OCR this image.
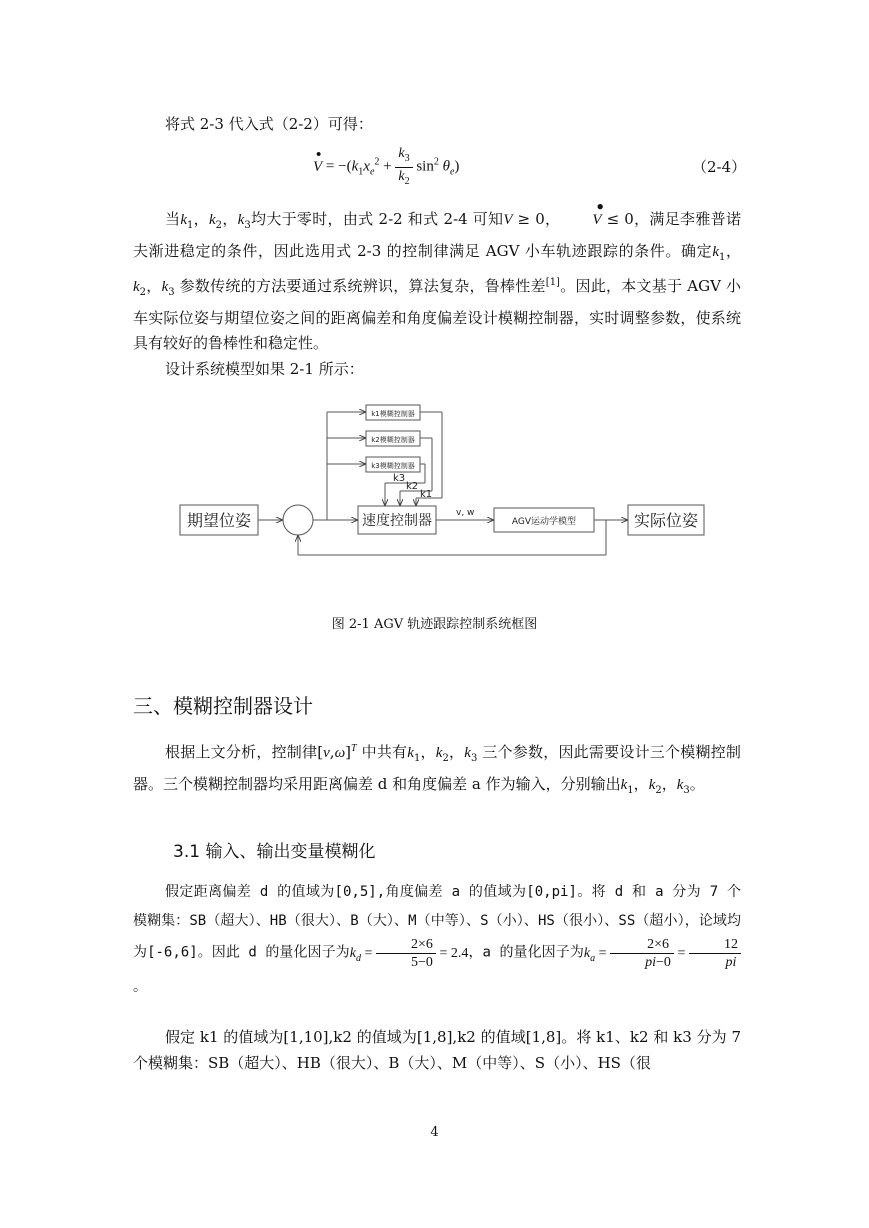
将式 2-3 代入式（2-2）可得：
•
$V = -(k_1x_e^2 + \frac{k_3}{k_2} \sin^2 \theta_e)$	（2-4）
当$k_1$，$k_2$，$k_3$均大于零时，由式 2-2 和式 2-4 可知V ≥ 0，
•
V ≤ 0，满足李雅普诺夫渐进稳定的条件，因此选用式 2-3 的控制律满足 AGV 小车轨迹跟踪的条件。确定$k_1$，$k_2$，$k_3$ 参数传统的方法要通过系统辨识，算法复杂，鲁棒性差[1]。因此，本文基于 AGV 小车实际位姿与期望位姿之间的距离偏差和角度偏差设计模糊控制器，实时调整参数，使系统具有较好的鲁棒性和稳定性。
设计系统模型如果 2-1 所示：
期望位姿	速度控制器	AGV运动学模型	实际位姿
k1模糊控制器
k2模糊控制器
k3模糊控制器
k3
k2
k1
v, w
图 2-1 AGV 轨迹跟踪控制系统框图
三、模糊控制器设计
根据上文分析，控制律$[v,\omega]^T$ 中共有$k_1$，$k_2$，$k_3$ 三个参数，因此需要设计三个模糊控制器。三个模糊控制器均采用距离偏差 d 和角度偏差 a 作为输入，分别输出$k_1$，$k_2$，$k_3$。
3.1 输入、输出变量模糊化
假定距离偏差 d 的值域为[0,5],角度偏差 a 的值域为[0,pi]。将 d 和 a 分为 7 个模糊集：SB（超大）、HB（很大）、B（大）、M（中等）、S（小）、HS（很小）、SS（超小），论域均为[-6,6]。因此 d 的量化因子为$k_d = \frac{2\times 6}{5-0} = 2.4$，a 的量化因子为$k_a = \frac{2\times 6}{pi-0} = \frac{12}{pi}$
。
假定 k1 的值域为[1,10],k2 的值域为[1,8],k2 的值域[1,8]。将 k1、k2 和 k3 分为 7 个模糊集：SB（超大）、HB（很大）、B（大）、M（中等）、S（小）、HS（很
4
